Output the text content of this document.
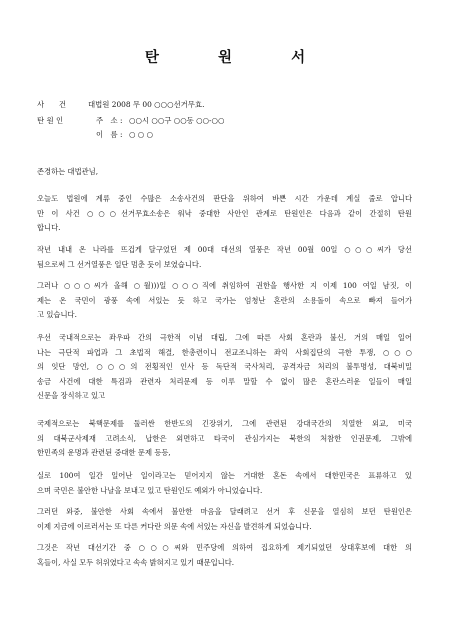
탄	원	서
사　　건	대법원 2008 무 00 ○○○선거무효.
탄 원 인	주　소 : ○○시 ○○구 ○○동 ○○-○○
이　름 : ○ ○ ○

존경하는 대법관님,

오늘도 법원에 계류 중인 수많은 소송사건의 판단을 위하여 바쁜 시간 가운데 계실 줄로 압니다
만 이 사건 ○○○선거무효소송은 워낙 중대한 사안인 관계로 탄원인은 다음과 같이 간절히 탄원
합니다.
작년 내내 온 나라를 뜨겁게 달구었던 제 00대 대선의 열풍은 작년 00월 00일 ○○○씨가 당선
됨으로써 그 선거열풍은 일단 멈춘 듯이 보였습니다.
그러나 ○○○씨가 올해 ○월)))일 ○○○직에 취임하여 권한을 행사한 지 이제 100 여일 남짓, 이
제는 온 국민이 광풍 속에 서있는 듯 하고 국가는 엄청난 혼란의 소용돌이 속으로 빠져 들어가
고 있습니다.
우선 국내적으로는 좌우파 간의 극한적 이념 대립, 그에 따른 사회 혼란과 불신, 거의 매일 일어
나는 극단적 파업과 그 초법적 해결, 한총련이니 전교조니하는 좌익 사회집단의 극한 투쟁, ○○○
의 잇단 망언, ○○○의 전횡적인 인사 등 독단적 국사처리, 공격자금 처리의 불투명성, 대북비밀
송금 사건에 대한 특검과 관련자 처리문제 등 이루 말할 수 없이 많은 혼란스러운 일들이 매일
신문을 장식하고 있고
국제적으로는 북핵문제를 둘러싼 한반도의 긴장위기, 그에 관련된 강대국간의 치열한 외교, 미국
의 대북군사제재 고려소식, 납한은 외면하고 타국이 관심가지는 북한의 처참한 인권문제, 그밖에
한민족의 운명과 관련된 중대한 문제 등등,
실로 100여 일간 일어난 일이라고는 믿어지지 않는 거대한 혼돈 속에서 대한민국은 표류하고 있
으며 국민은 불안한 나날을 보내고 있고 탄원인도 예외가 아니었습니다.
그러던 와중, 불안한 사회 속에서 불안한 마음을 달래려고 선거 후 신문을 열심히 보던 탄원인은
이제 지금에 이르러서는 또 다른 커다란 의문 속에 서있는 자신을 발견하게 되었습니다.
그것은 작년 대선기간 중 ○○○씨와 민주당에 의하여 집요하게 제기되었던 상대후보에 대한 의
혹들이, 사실 모두 허위였다고 속속 밝혀지고 있기 때문입니다.
